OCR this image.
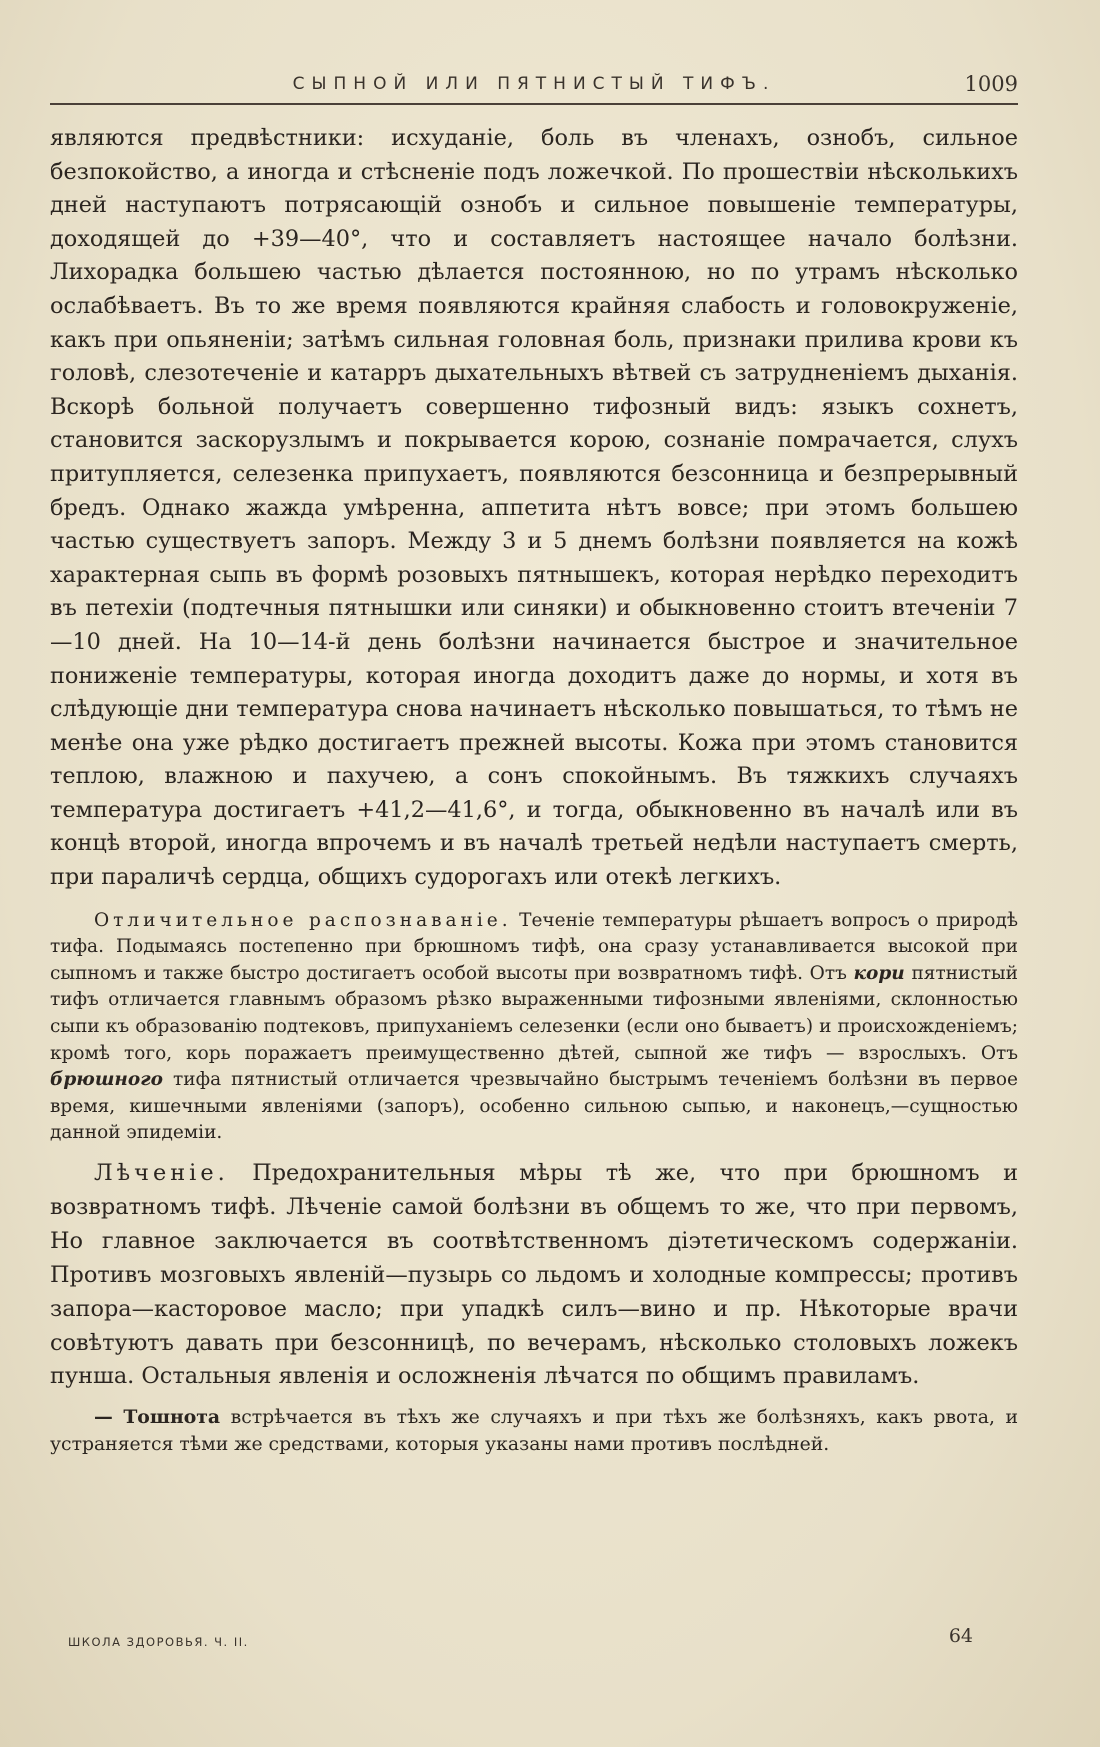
СЫПНОЙ ИЛИ ПЯТНИСТЫЙ ТИФЪ.	1009

являются предвѣстники: исхуданіе, боль въ членахъ, ознобъ, сильное безпокойство, а иногда и стѣсненіе подъ ложечкой. По прошествіи нѣсколькихъ дней наступаютъ потрясающій ознобъ и сильное повышеніе температуры, доходящей до +39—40°, что и составляетъ настоящее начало болѣзни. Лихорадка большею частью дѣлается постоянною, но по утрамъ нѣсколько ослабѣваетъ. Въ то же время появляются крайняя слабость и головокруженіе, какъ при опьяненіи; затѣмъ сильная головная боль, признаки прилива крови къ головѣ, слезотеченіе и катарръ дыхательныхъ вѣтвей съ затрудненіемъ дыханія. Вскорѣ больной получаетъ совершенно тифозный видъ: языкъ сохнетъ, становится заскорузлымъ и покрывается корою, сознаніе помрачается, слухъ притупляется, селезенка припухаетъ, появляются безсонница и безпрерывный бредъ. Однако жажда умѣренна, аппетита нѣтъ вовсе; при этомъ большею частью существуетъ запоръ. Между 3 и 5 днемъ болѣзни появляется на кожѣ характерная сыпь въ формѣ розовыхъ пятнышекъ, которая нерѣдко переходитъ въ петехіи (подтечныя пятнышки или синяки) и обыкновенно стоитъ втеченіи 7—10 дней. На 10—14-й день болѣзни начинается быстрое и значительное пониженіе температуры, которая иногда доходитъ даже до нормы, и хотя въ слѣдующіе дни температура снова начинаетъ нѣсколько повышаться, то тѣмъ не менѣе она уже рѣдко достигаетъ прежней высоты. Кожа при этомъ становится теплою, влажною и пахучею, а сонъ спокойнымъ. Въ тяжкихъ случаяхъ температура достигаетъ +41,2—41,6°, и тогда, обыкновенно въ началѣ или въ концѣ второй, иногда впрочемъ и въ началѣ третьей недѣли наступаетъ смерть, при параличѣ сердца, общихъ судорогахъ или отекѣ легкихъ.

Отличительное распознаваніе. Теченіе температуры рѣшаетъ вопросъ о природѣ тифа. Подымаясь постепенно при брюшномъ тифѣ, она сразу устанавливается высокой при сыпномъ и также быстро достигаетъ особой высоты при возвратномъ тифѣ. Отъ кори пятнистый тифъ отличается главнымъ образомъ рѣзко выраженными тифозными явленіями, склонностью сыпи къ образованію подтековъ, припуханіемъ селезенки (если оно бываетъ) и происхожденіемъ; кромѣ того, корь поражаетъ преимущественно дѣтей, сыпной же тифъ — взрослыхъ. Отъ брюшного тифа пятнистый отличается чрезвычайно быстрымъ теченіемъ болѣзни въ первое время, кишечными явленіями (запоръ), особенно сильною сыпью, и наконецъ,—сущностью данной эпидеміи.

Лѣченіе. Предохранительныя мѣры тѣ же, что при брюшномъ и возвратномъ тифѣ. Лѣченіе самой болѣзни въ общемъ то же, что при первомъ, Но главное заключается въ соотвѣтственномъ діэтетическомъ содержаніи. Противъ мозговыхъ явленій—пузырь со льдомъ и холодные компрессы; противъ запора—касторовое масло; при упадкѣ силъ—вино и пр. Нѣкоторые врачи совѣтуютъ давать при безсонницѣ, по вечерамъ, нѣсколько столовыхъ ложекъ пунша. Остальныя явленія и осложненія лѣчатся по общимъ правиламъ.

— Тошнота встрѣчается въ тѣхъ же случаяхъ и при тѣхъ же болѣзняхъ, какъ рвота, и устраняется тѣми же средствами, которыя указаны нами противъ послѣдней.

ШКОЛА ЗДОРОВЬЯ. Ч. II.	64
